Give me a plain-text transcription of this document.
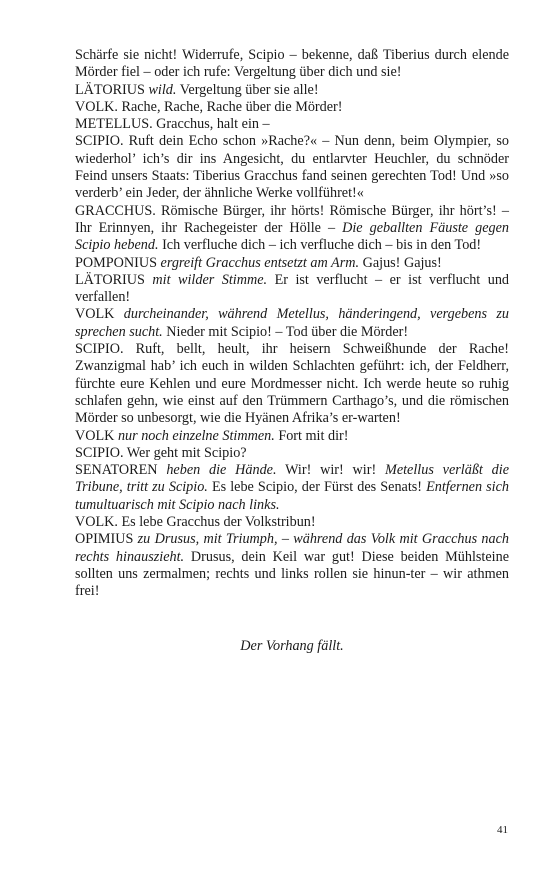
Schärfe sie nicht! Widerrufe, Scipio – bekenne, daß Tiberius durch elende Mörder fiel – oder ich rufe: Vergeltung über dich und sie!

LÄTORIUS wild. Vergeltung über sie alle!

VOLK. Rache, Rache, Rache über die Mörder!

METELLUS. Gracchus, halt ein –

SCIPIO. Ruft dein Echo schon »Rache?« – Nun denn, beim Olympier, so wiederhol’ ich’s dir ins Angesicht, du entlarvter Heuchler, du schnöder Feind unsers Staats: Tiberius Gracchus fand seinen gerechten Tod! Und »so verderb’ ein Jeder, der ähnliche Werke vollführet!«

GRACCHUS. Römische Bürger, ihr hörts! Römische Bürger, ihr hört’s! – Ihr Erinnyen, ihr Rachegeister der Hölle – Die geballten Fäuste gegen Scipio hebend. Ich verfluche dich – ich verfluche dich – bis in den Tod!

POMPONIUS ergreift Gracchus entsetzt am Arm. Gajus! Gajus!

LÄTORIUS mit wilder Stimme. Er ist verflucht – er ist verflucht und verfallen!

VOLK durcheinander, während Metellus, händeringend, vergebens zu sprechen sucht. Nieder mit Scipio! – Tod über die Mörder!

SCIPIO. Ruft, bellt, heult, ihr heisern Schweißhunde der Rache! Zwanzigmal hab’ ich euch in wilden Schlachten geführt: ich, der Feldherr, fürchte eure Kehlen und eure Mordmesser nicht. Ich werde heute so ruhig schlafen gehn, wie einst auf den Trümmern Carthago’s, und die römischen Mörder so unbesorgt, wie die Hyänen Afrika’s er-warten!

VOLK nur noch einzelne Stimmen. Fort mit dir!

SCIPIO. Wer geht mit Scipio?

SENATOREN heben die Hände. Wir! wir! wir! Metellus verläßt die Tribune, tritt zu Scipio. Es lebe Scipio, der Fürst des Senats! Entfernen sich tumultuarisch mit Scipio nach links.

VOLK. Es lebe Gracchus der Volkstribun!

OPIMIUS zu Drusus, mit Triumph, – während das Volk mit Gracchus nach rechts hinauszieht. Drusus, dein Keil war gut! Diese beiden Mühlsteine sollten uns zermalmen; rechts und links rollen sie hinun-ter – wir athmen frei!

Der Vorhang fällt.
41
